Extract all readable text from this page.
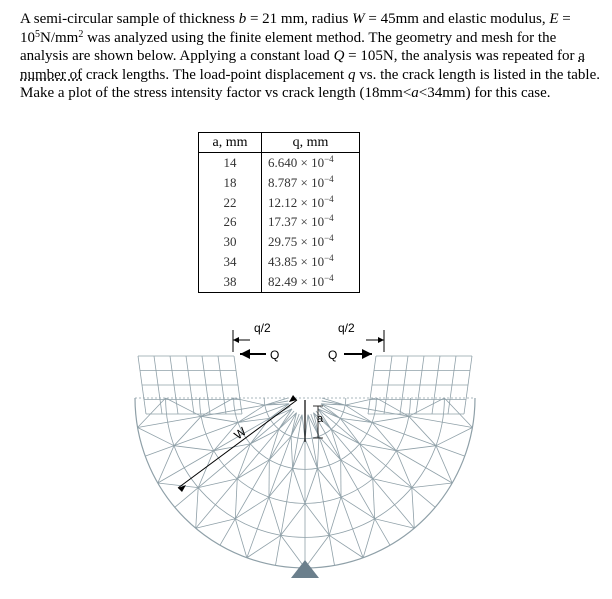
A semi-circular sample of thickness b = 21 mm, radius W = 45mm and elastic modulus, $E = 10^5N/mm^2$ was analyzed using the finite element method. The geometry and mesh for the analysis are shown below. Applying a constant load Q = 105N, the analysis was repeated for a number of crack lengths. The load-point displacement q vs. the crack length is listed in the table. Make a plot of the stress intensity factor vs crack length (18mm<a<34mm) for this case.

a, mm	q, mm
14	$6.640 \times 10^{-4}$
18	$8.787 \times 10^{-4}$
22	$12.12 \times 10^{-4}$
26	$17.37 \times 10^{-4}$
30	$29.75 \times 10^{-4}$
34	$43.85 \times 10^{-4}$
38	$82.49 \times 10^{-4}$
W
a
Q
q/2
Q
q/2
